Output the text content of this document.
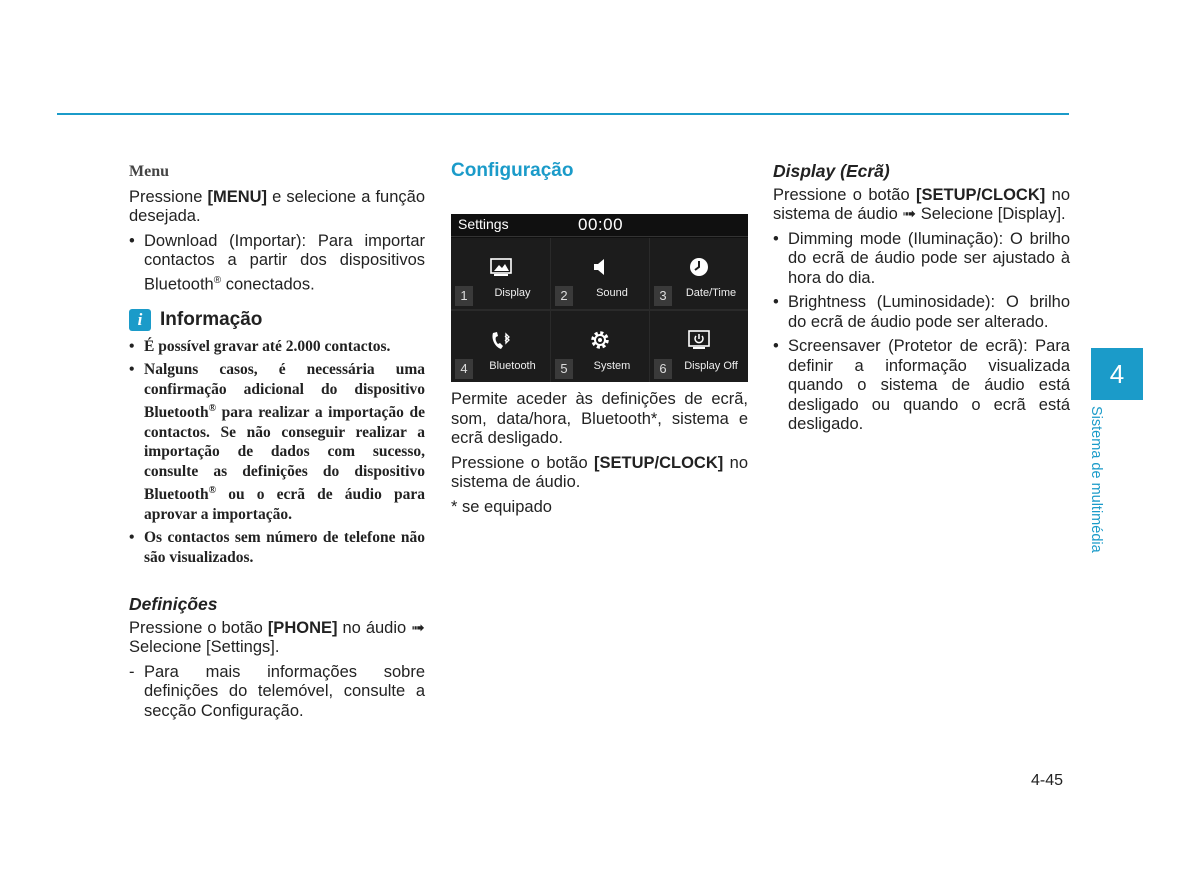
Menu

Pressione [MENU] e selecione a função desejada.

• Download (Importar): Para importar contactos a partir dos dispositivos Bluetooth® conectados.
i Informação
• É possível gravar até 2.000 contactos.
• Nalguns casos, é necessária uma confirmação adicional do dispositivo Bluetooth® para realizar a importação de contactos. Se não conseguir realizar a importação de dados com sucesso, consulte as definições do dispositivo Bluetooth® ou o ecrã de áudio para aprovar a importação.
• Os contactos sem número de telefone não são visualizados.
Definições

Pressione o botão [PHONE] no áudio ➟ Selecione [Settings].

- Para mais informações sobre definições do telemóvel, consulte a secção Configuração.
Configuração
Settings	00:00
1	Display	2	Sound	3	Date/Time
4	Bluetooth	5	System	6	Display Off

Permite aceder às definições de ecrã, som, data/hora, Bluetooth*, sistema e ecrã desligado.

Pressione o botão [SETUP/CLOCK] no sistema de áudio.

* se equipado

Display (Ecrã)

Pressione o botão [SETUP/CLOCK] no sistema de áudio ➟ Selecione [Display].

• Dimming mode (Iluminação): O brilho do ecrã de áudio pode ser ajustado à hora do dia.
• Brightness (Luminosidade): O brilho do ecrã de áudio pode ser alterado.
• Screensaver (Protetor de ecrã): Para definir a informação visualizada quando o sistema de áudio está desligado ou quando o ecrã está desligado.
4
Sistema de multimédia
4-45
